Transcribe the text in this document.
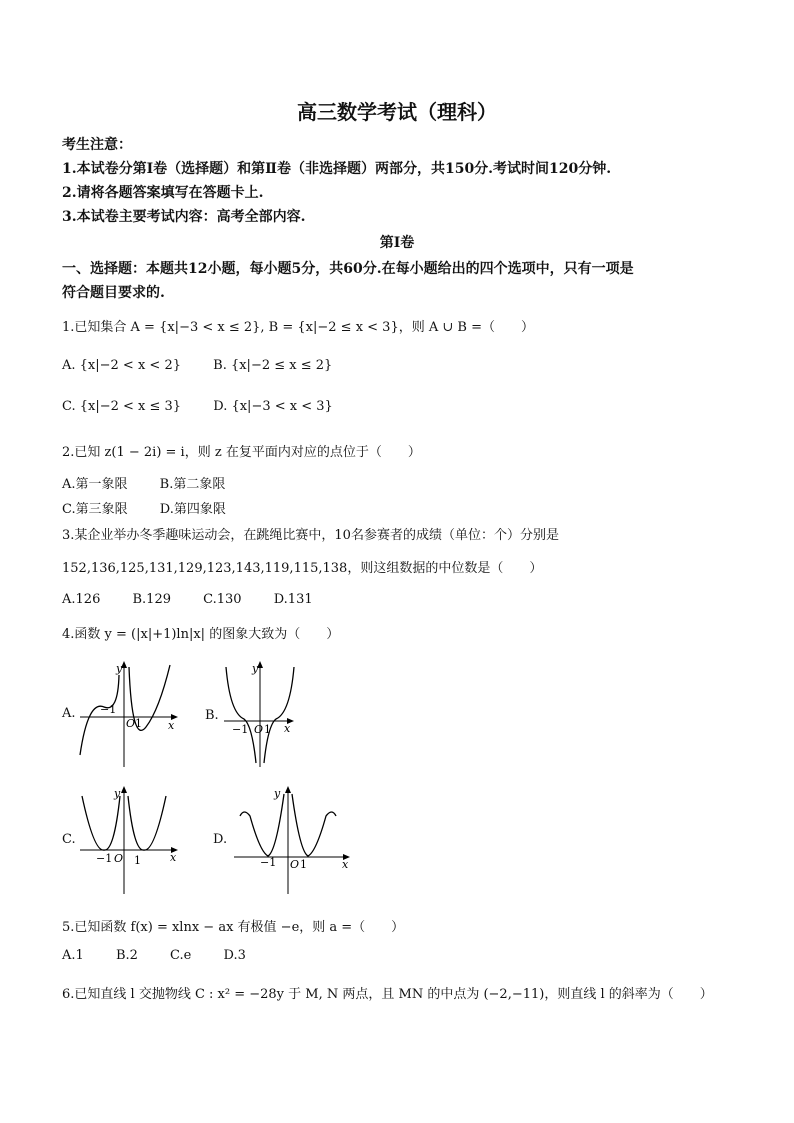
高三数学考试（理科）
考生注意：
1.本试卷分第Ⅰ卷（选择题）和第Ⅱ卷（非选择题）两部分，共150分.考试时间120分钟.
2.请将各题答案填写在答题卡上.
3.本试卷主要考试内容：高考全部内容.
第Ⅰ卷
一、选择题：本题共12小题，每小题5分，共60分.在每小题给出的四个选项中，只有一项是
符合题目要求的.
1.已知集合 A = {x|−3 < x ≤ 2}, B = {x|−2 ≤ x < 3}，则 A ∪ B =（　　）
A. {x|−2 < x < 2} B. {x|−2 ≤ x ≤ 2}
C. {x|−2 < x ≤ 3} D. {x|−3 < x < 3}
2.已知 z(1 − 2i) = i，则 z 在复平面内对应的点位于（　　）
A.第一象限 B.第二象限
C.第三象限 D.第四象限
3.某企业举办冬季趣味运动会，在跳绳比赛中，10名参赛者的成绩（单位：个）分别是
152,136,125,131,129,123,143,119,115,138，则这组数据的中位数是（　　）
A.126 B.129 C.130 D.131
4.函数 y = (|x|+1)ln|x| 的图象大致为（　　）
A.
y
x
O
−1
1
B.
y
x
O
−1 1
C.
y
x
O
−1 1
D.
y
x
O
−1 1
5.已知函数 f(x) = xlnx − ax 有极值 −e，则 a =（　　）
A.1 B.2 C.e D.3
6.已知直线 l 交抛物线 C : x² = −28y 于 M, N 两点，且 MN 的中点为 (−2,−11)，则直线 l 的斜率为（　　）
